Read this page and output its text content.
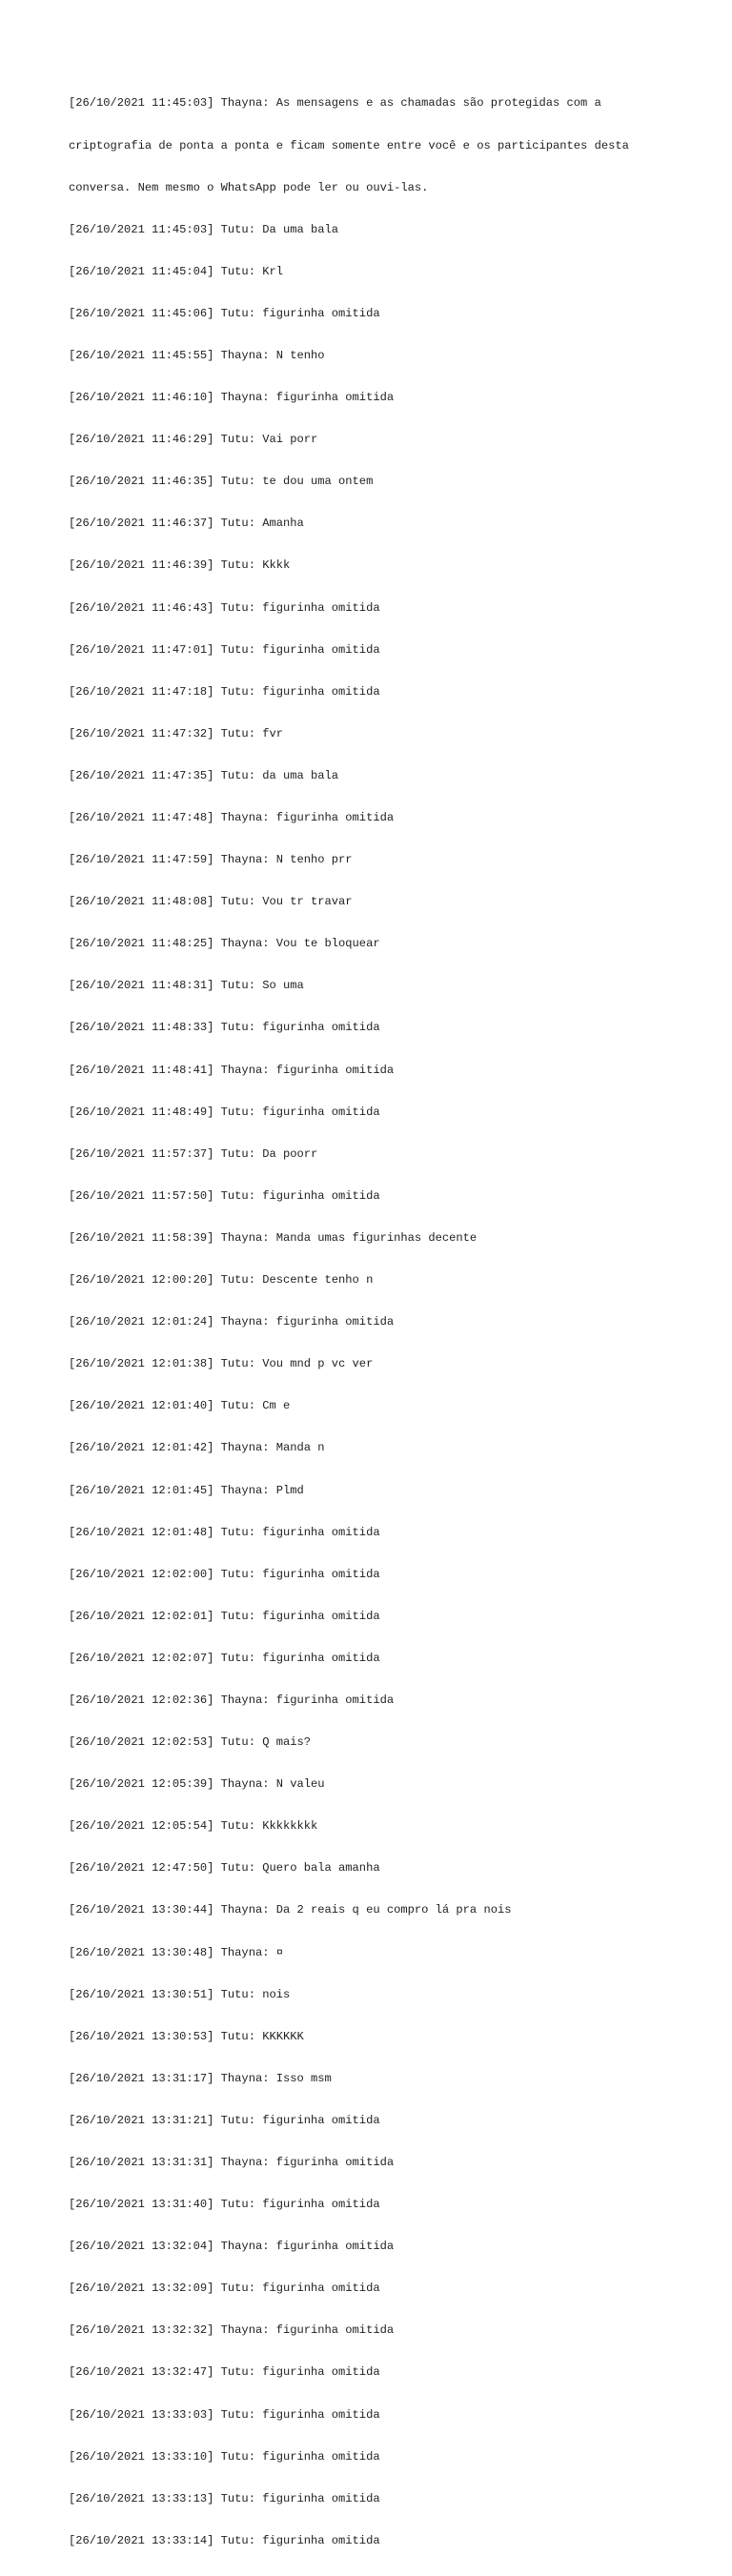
[26/10/2021 11:45:03] Thayna: As mensagens e as chamadas são protegidas com a

criptografia de ponta a ponta e ficam somente entre você e os participantes desta

conversa. Nem mesmo o WhatsApp pode ler ou ouvi-las.

[26/10/2021 11:45:03] Tutu: Da uma bala

[26/10/2021 11:45:04] Tutu: Krl

[26/10/2021 11:45:06] Tutu: figurinha omitida

[26/10/2021 11:45:55] Thayna: N tenho

[26/10/2021 11:46:10] Thayna: figurinha omitida

[26/10/2021 11:46:29] Tutu: Vai porr

[26/10/2021 11:46:35] Tutu: te dou uma ontem

[26/10/2021 11:46:37] Tutu: Amanha

[26/10/2021 11:46:39] Tutu: Kkkk

[26/10/2021 11:46:43] Tutu: figurinha omitida

[26/10/2021 11:47:01] Tutu: figurinha omitida

[26/10/2021 11:47:18] Tutu: figurinha omitida

[26/10/2021 11:47:32] Tutu: fvr

[26/10/2021 11:47:35] Tutu: da uma bala

[26/10/2021 11:47:48] Thayna: figurinha omitida

[26/10/2021 11:47:59] Thayna: N tenho prr

[26/10/2021 11:48:08] Tutu: Vou tr travar

[26/10/2021 11:48:25] Thayna: Vou te bloquear

[26/10/2021 11:48:31] Tutu: So uma

[26/10/2021 11:48:33] Tutu: figurinha omitida

[26/10/2021 11:48:41] Thayna: figurinha omitida

[26/10/2021 11:48:49] Tutu: figurinha omitida

[26/10/2021 11:57:37] Tutu: Da poorr

[26/10/2021 11:57:50] Tutu: figurinha omitida

[26/10/2021 11:58:39] Thayna: Manda umas figurinhas decente

[26/10/2021 12:00:20] Tutu: Descente tenho n

[26/10/2021 12:01:24] Thayna: figurinha omitida

[26/10/2021 12:01:38] Tutu: Vou mnd p vc ver

[26/10/2021 12:01:40] Tutu: Cm e

[26/10/2021 12:01:42] Thayna: Manda n

[26/10/2021 12:01:45] Thayna: Plmd

[26/10/2021 12:01:48] Tutu: figurinha omitida

[26/10/2021 12:02:00] Tutu: figurinha omitida

[26/10/2021 12:02:01] Tutu: figurinha omitida

[26/10/2021 12:02:07] Tutu: figurinha omitida

[26/10/2021 12:02:36] Thayna: figurinha omitida

[26/10/2021 12:02:53] Tutu: Q mais?

[26/10/2021 12:05:39] Thayna: N valeu

[26/10/2021 12:05:54] Tutu: Kkkkkkkk

[26/10/2021 12:47:50] Tutu: Quero bala amanha

[26/10/2021 13:30:44] Thayna: Da 2 reais q eu compro lá pra nois

[26/10/2021 13:30:48] Thayna: ¤

[26/10/2021 13:30:51] Tutu: nois

[26/10/2021 13:30:53] Tutu: KKKKKK

[26/10/2021 13:31:17] Thayna: Isso msm

[26/10/2021 13:31:21] Tutu: figurinha omitida

[26/10/2021 13:31:31] Thayna: figurinha omitida

[26/10/2021 13:31:40] Tutu: figurinha omitida

[26/10/2021 13:32:04] Thayna: figurinha omitida

[26/10/2021 13:32:09] Tutu: figurinha omitida

[26/10/2021 13:32:32] Thayna: figurinha omitida

[26/10/2021 13:32:47] Tutu: figurinha omitida

[26/10/2021 13:33:03] Tutu: figurinha omitida

[26/10/2021 13:33:10] Tutu: figurinha omitida

[26/10/2021 13:33:13] Tutu: figurinha omitida

[26/10/2021 13:33:14] Tutu: figurinha omitida
